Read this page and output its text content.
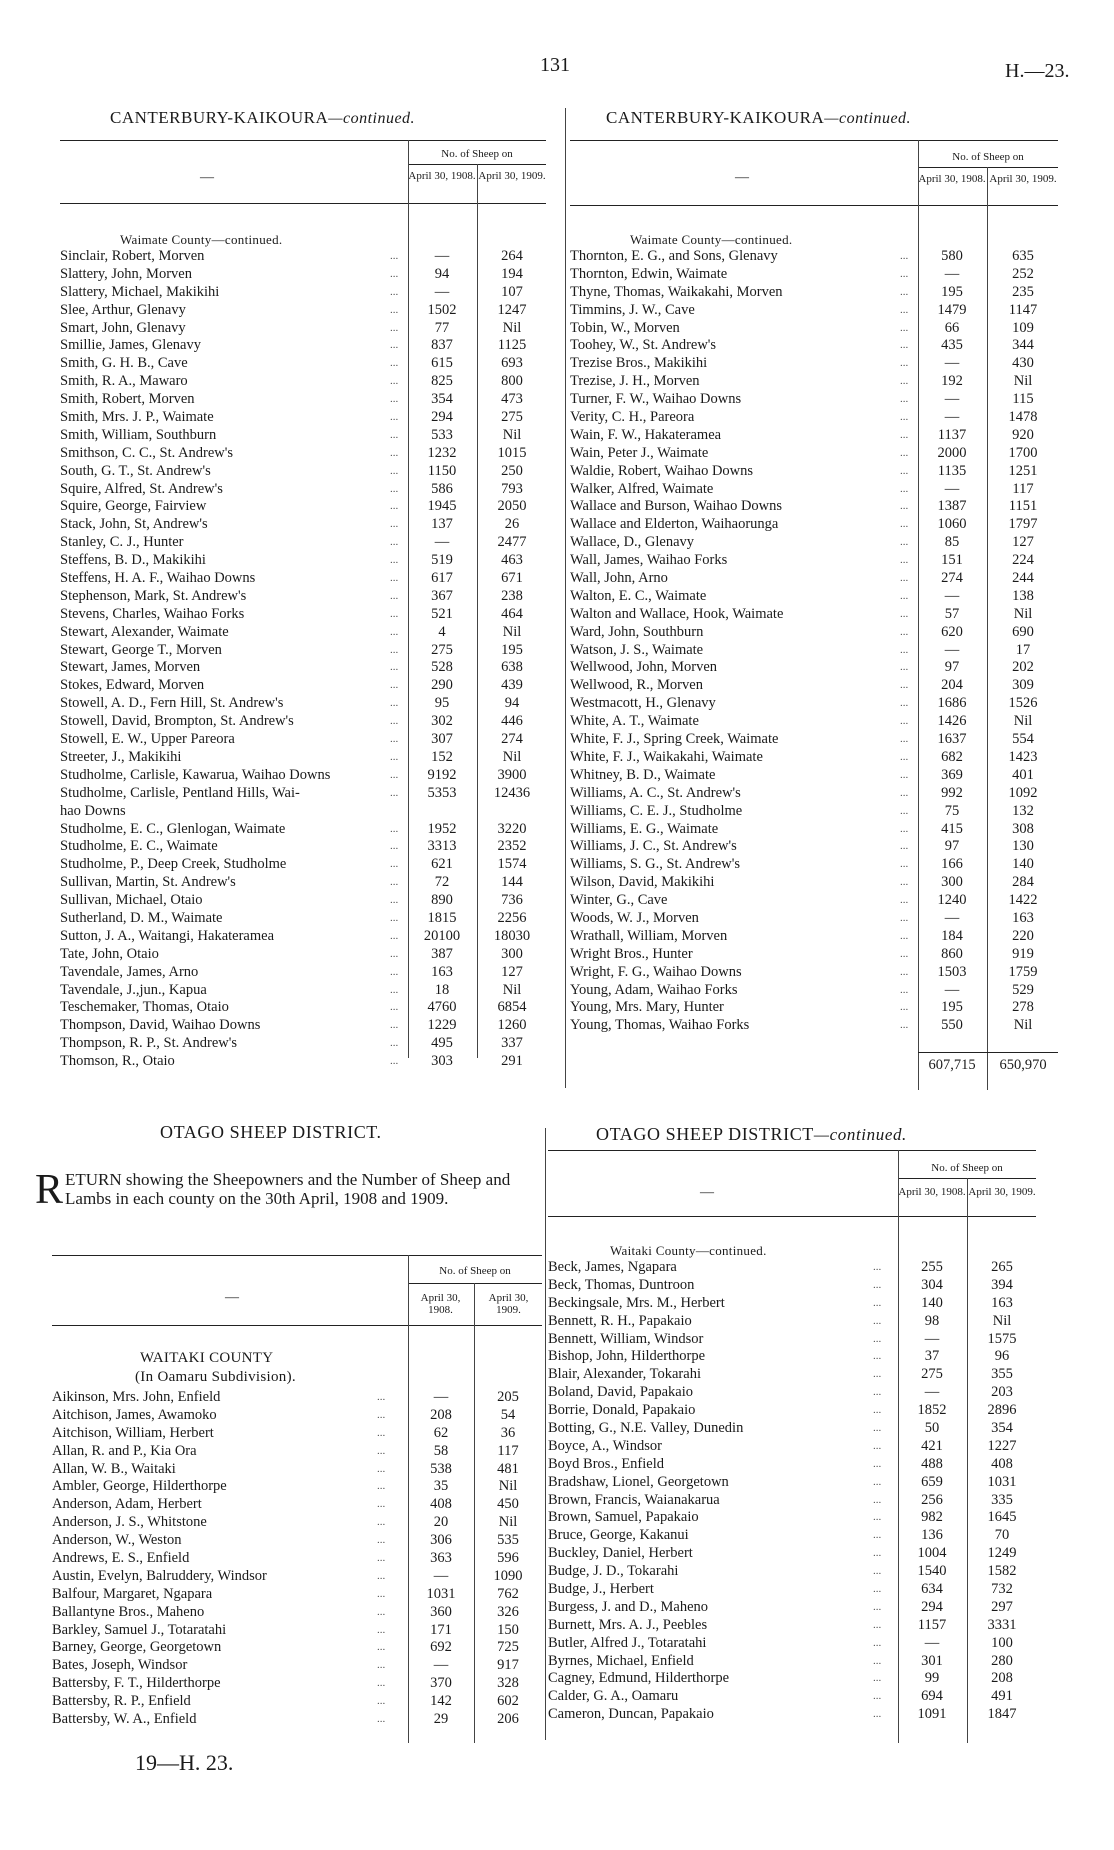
131	H.—23.
CANTERBURY-KAIKOURA—continued.
—
No. of Sheep on
April 30, 1908. April 30, 1909.
Waimate County—continued.
Sinclair, Robert, Morven	...	—	264
Slattery, John, Morven	...	94	194
Slattery, Michael, Makikihi	...	—	107
Slee, Arthur, Glenavy	...	1502	1247
Smart, John, Glenavy	...	77	Nil
Smillie, James, Glenavy	...	837	1125
Smith, G. H. B., Cave	...	615	693
Smith, R. A., Mawaro	...	825	800
Smith, Robert, Morven	...	354	473
Smith, Mrs. J. P., Waimate	...	294	275
Smith, William, Southburn	...	533	Nil
Smithson, C. C., St. Andrew's	...	1232	1015
South, G. T., St. Andrew's	...	1150	250
Squire, Alfred, St. Andrew's	...	586	793
Squire, George, Fairview	...	1945	2050
Stack, John, St, Andrew's	...	137	26
Stanley, C. J., Hunter	...	—	2477
Steffens, B. D., Makikihi	...	519	463
Steffens, H. A. F., Waihao Downs	...	617	671
Stephenson, Mark, St. Andrew's	...	367	238
Stevens, Charles, Waihao Forks	...	521	464
Stewart, Alexander, Waimate	...	4	Nil
Stewart, George T., Morven	...	275	195
Stewart, James, Morven	...	528	638
Stokes, Edward, Morven	...	290	439
Stowell, A. D., Fern Hill, St. Andrew's	...	95	94
Stowell, David, Brompton, St. Andrew's	...	302	446
Stowell, E. W., Upper Pareora	...	307	274
Streeter, J., Makikihi	...	152	Nil
Studholme, Carlisle, Kawarua, Waihao Downs	...	9192	3900
Studholme, Carlisle, Pentland Hills, Wai-	...	5353	12436
hao Downs
Studholme, E. C., Glenlogan, Waimate	...	1952	3220
Studholme, E. C., Waimate	...	3313	2352
Studholme, P., Deep Creek, Studholme	...	621	1574
Sullivan, Martin, St. Andrew's	...	72	144
Sullivan, Michael, Otaio	...	890	736
Sutherland, D. M., Waimate	...	1815	2256
Sutton, J. A., Waitangi, Hakateramea	...	20100	18030
Tate, John, Otaio	...	387	300
Tavendale, James, Arno	...	163	127
Tavendale, J.,jun., Kapua	...	18	Nil
Teschemaker, Thomas, Otaio	...	4760	6854
Thompson, David, Waihao Downs	...	1229	1260
Thompson, R. P., St. Andrew's	...	495	337
Thomson, R., Otaio	...	303	291
CANTERBURY-KAIKOURA—continued.
—
No. of Sheep on
April 30, 1908. April 30, 1909.
Waimate County—continued.
Thornton, E. G., and Sons, Glenavy	...	580	635
Thornton, Edwin, Waimate	...	—	252
Thyne, Thomas, Waikakahi, Morven	...	195	235
Timmins, J. W., Cave	...	1479	1147
Tobin, W., Morven	...	66	109
Toohey, W., St. Andrew's	...	435	344
Trezise Bros., Makikihi	...	—	430
Trezise, J. H., Morven	...	192	Nil
Turner, F. W., Waihao Downs	...	—	115
Verity, C. H., Pareora	...	—	1478
Wain, F. W., Hakateramea	...	1137	920
Wain, Peter J., Waimate	...	2000	1700
Waldie, Robert, Waihao Downs	...	1135	1251
Walker, Alfred, Waimate	...	—	117
Wallace and Burson, Waihao Downs	...	1387	1151
Wallace and Elderton, Waihaorunga	...	1060	1797
Wallace, D., Glenavy	...	85	127
Wall, James, Waihao Forks	...	151	224
Wall, John, Arno	...	274	244
Walton, E. C., Waimate	...	—	138
Walton and Wallace, Hook, Waimate	...	57	Nil
Ward, John, Southburn	...	620	690
Watson, J. S., Waimate	...	—	17
Wellwood, John, Morven	...	97	202
Wellwood, R., Morven	...	204	309
Westmacott, H., Glenavy	...	1686	1526
White, A. T., Waimate	...	1426	Nil
White, F. J., Spring Creek, Waimate	...	1637	554
White, F. J., Waikakahi, Waimate	...	682	1423
Whitney, B. D., Waimate	...	369	401
Williams, A. C., St. Andrew's	...	992	1092
Williams, C. E. J., Studholme	...	75	132
Williams, E. G., Waimate	...	415	308
Williams, J. C., St. Andrew's	...	97	130
Williams, S. G., St. Andrew's	...	166	140
Wilson, David, Makikihi	...	300	284
Winter, G., Cave	...	1240	1422
Woods, W. J., Morven	...	—	163
Wrathall, William, Morven	...	184	220
Wright Bros., Hunter	...	860	919
Wright, F. G., Waihao Downs	...	1503	1759
Young, Adam, Waihao Forks	...	—	529
Young, Mrs. Mary, Hunter	...	195	278
Young, Thomas, Waihao Forks	...	550	Nil
607,715	650,970
OTAGO SHEEP DISTRICT.
RETURN showing the Sheepowners and the Number of Sheep and Lambs in each county on the 30th April, 1908 and 1909.
—
No. of Sheep on
April 30, 1908.
April 30, 1909.
WAITAKI COUNTY
(In Oamaru Subdivision).
Aikinson, Mrs. John, Enfield	...	—	205
Aitchison, James, Awamoko	...	208	54
Aitchison, William, Herbert	...	62	36
Allan, R. and P., Kia Ora	...	58	117
Allan, W. B., Waitaki	...	538	481
Ambler, George, Hilderthorpe	...	35	Nil
Anderson, Adam, Herbert	...	408	450
Anderson, J. S., Whitstone	...	20	Nil
Anderson, W., Weston	...	306	535
Andrews, E. S., Enfield	...	363	596
Austin, Evelyn, Balruddery, Windsor	...	—	1090
Balfour, Margaret, Ngapara	...	1031	762
Ballantyne Bros., Maheno	...	360	326
Barkley, Samuel J., Totaratahi	...	171	150
Barney, George, Georgetown	...	692	725
Bates, Joseph, Windsor	...	—	917
Battersby, F. T., Hilderthorpe	...	370	328
Battersby, R. P., Enfield	...	142	602
Battersby, W. A., Enfield	...	29	206
19—H. 23.
OTAGO SHEEP DISTRICT—continued.
—
No. of Sheep on
April 30, 1908. April 30, 1909.
Waitaki County—continued.
Beck, James, Ngapara	...	255	265
Beck, Thomas, Duntroon	...	304	394
Beckingsale, Mrs. M., Herbert	...	140	163
Bennett, R. H., Papakaio	...	98	Nil
Bennett, William, Windsor	...	—	1575
Bishop, John, Hilderthorpe	...	37	96
Blair, Alexander, Tokarahi	...	275	355
Boland, David, Papakaio	...	—	203
Borrie, Donald, Papakaio	...	1852	2896
Botting, G., N.E. Valley, Dunedin	...	50	354
Boyce, A., Windsor	...	421	1227
Boyd Bros., Enfield	...	488	408
Bradshaw, Lionel, Georgetown	...	659	1031
Brown, Francis, Waianakarua	...	256	335
Brown, Samuel, Papakaio	...	982	1645
Bruce, George, Kakanui	...	136	70
Buckley, Daniel, Herbert	...	1004	1249
Budge, J. D., Tokarahi	...	1540	1582
Budge, J., Herbert	...	634	732
Burgess, J. and D., Maheno	...	294	297
Burnett, Mrs. A. J., Peebles	...	1157	3331
Butler, Alfred J., Totaratahi	...	—	100
Byrnes, Michael, Enfield	...	301	280
Cagney, Edmund, Hilderthorpe	...	99	208
Calder, G. A., Oamaru	...	694	491
Cameron, Duncan, Papakaio	...	1091	1847
